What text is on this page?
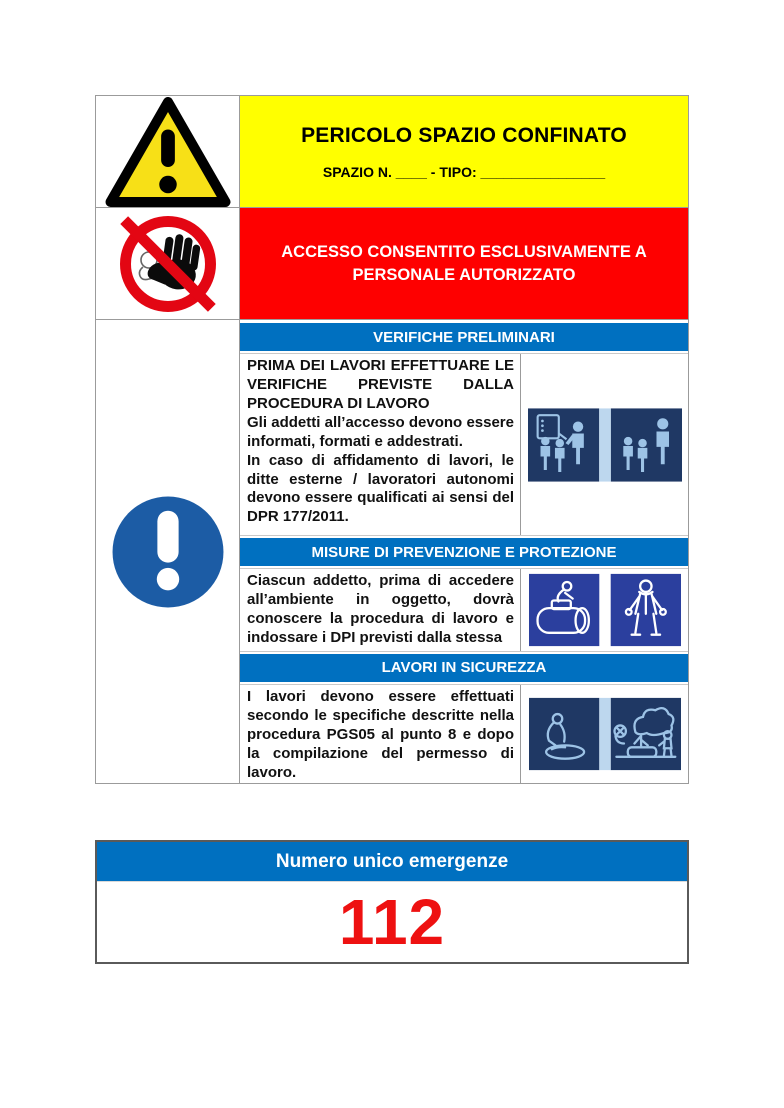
PERICOLO SPAZIO CONFINATO
SPAZIO N. ____ - TIPO: ________________
ACCESSO CONSENTITO ESCLUSIVAMENTE A PERSONALE AUTORIZZATO
VERIFICHE PRELIMINARI

PRIMA DEI LAVORI EFFETTUARE LE VERIFICHE PREVISTE DALLA PROCEDURA DI LAVORO

Gli addetti all’accesso devono essere informati, formati e addestrati.

In caso di affidamento di lavori, le ditte esterne / lavoratori autonomi devono essere qualificati ai sensi del DPR 177/2011.

MISURE DI PREVENZIONE E PROTEZIONE

Ciascun addetto, prima di accedere all’ambiente in oggetto, dovrà conoscere la procedura di lavoro e indossare i DPI previsti dalla stessa

LAVORI IN SICUREZZA

I lavori devono essere effettuati secondo le specifiche descritte nella procedura PGS05 al punto 8 e dopo la compilazione del permesso di lavoro.

Numero unico emergenze
112
